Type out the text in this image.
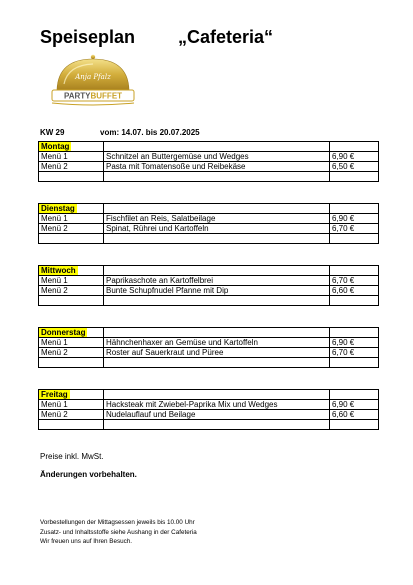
Speiseplan „Cafeteria“
Anja Pfalz
PARTYBUFFET
KW 29	vom: 14.07. bis 20.07.2025
Montag		
Menü 1	Schnitzel an Buttergemüse und Wedges	6,90 €
Menü 2	Pasta mit Tomatensoße und Reibekäse	6,50 €

Dienstag		
Menü 1	Fischfilet an Reis, Salatbeilage	6,90 €
Menü 2	Spinat, Rührei und Kartoffeln	6,70 €

Mittwoch		
Menü 1	Paprikaschote an Kartoffelbrei	6,70 €
Menü 2	Bunte Schupfnudel Pfanne mit Dip	6,60 €

Donnerstag		
Menü 1	Hähnchenhaxer an Gemüse und Kartoffeln	6,90 €
Menü 2	Roster auf Sauerkraut und Püree	6,70 €

Freitag		
Menü 1	Hacksteak mit Zwiebel-Paprika Mix und Wedges	6,90 €
Menü 2	Nudelauflauf und Beilage	6,60 €

Preise inkl. MwSt.
Änderungen vorbehalten.
Vorbestellungen der Mittagsessen jeweils bis 10.00 Uhr
Zusatz- und Inhaltsstoffe siehe Aushang in der Cafeteria
Wir freuen uns auf Ihren Besuch.
